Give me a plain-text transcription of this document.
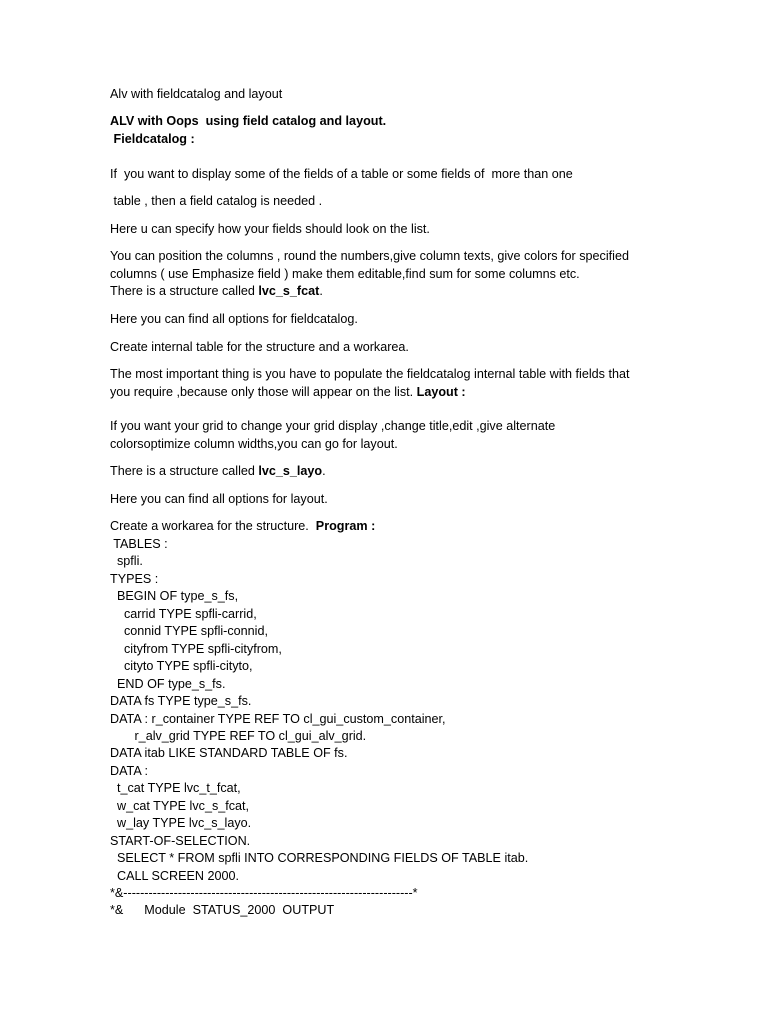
Alv with fieldcatalog and layout
ALV with Oops  using field catalog and layout.
Fieldcatalog :
If  you want to display some of the fields of a table or some fields of  more than one
table , then a field catalog is needed .
Here u can specify how your fields should look on the list.
You can position the columns , round the numbers,give column texts, give colors for specified
columns ( use Emphasize field ) make them editable,find sum for some columns etc.
There is a structure called lvc_s_fcat.
Here you can find all options for fieldcatalog.
Create internal table for the structure and a workarea.
The most important thing is you have to populate the fieldcatalog internal table with fields that
you require ,because only those will appear on the list. Layout :
If you want your grid to change your grid display ,change title,edit ,give alternate
colorsoptimize column widths,you can go for layout.
There is a structure called lvc_s_layo.
Here you can find all options for layout.
Create a workarea for the structure.  Program :
TABLES :
spfli.
TYPES :
BEGIN OF type_s_fs,
carrid TYPE spfli-carrid,
connid TYPE spfli-connid,
cityfrom TYPE spfli-cityfrom,
cityto TYPE spfli-cityto,
END OF type_s_fs.
DATA fs TYPE type_s_fs.
DATA : r_container TYPE REF TO cl_gui_custom_container,
r_alv_grid TYPE REF TO cl_gui_alv_grid.
DATA itab LIKE STANDARD TABLE OF fs.
DATA :
t_cat TYPE lvc_t_fcat,
w_cat TYPE lvc_s_fcat,
w_lay TYPE lvc_s_layo.
START-OF-SELECTION.
SELECT * FROM spfli INTO CORRESPONDING FIELDS OF TABLE itab.
CALL SCREEN 2000.
*&---------------------------------------------------------------------*
*&      Module  STATUS_2000  OUTPUT
